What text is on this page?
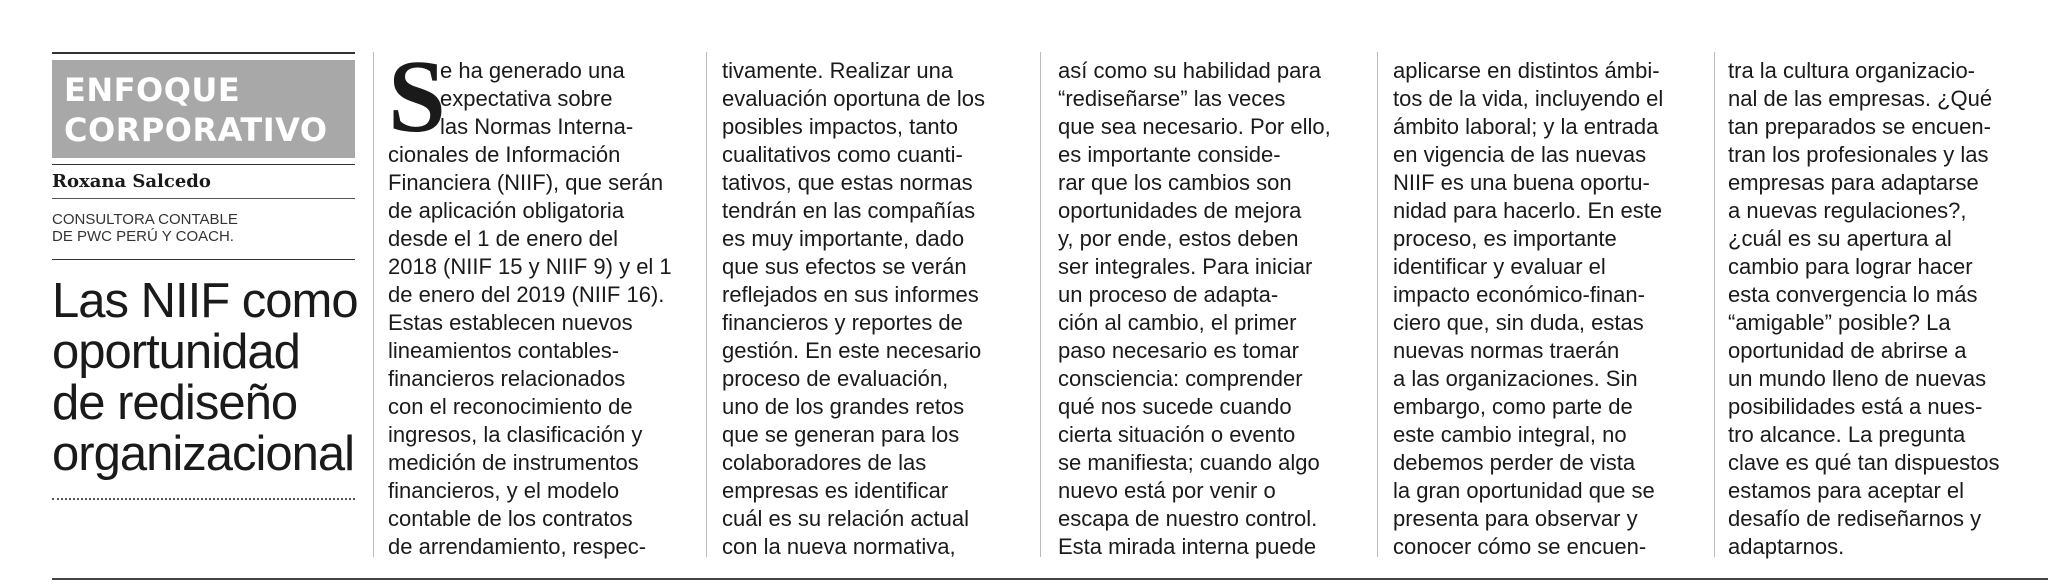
ENFOQUE
CORPORATIVO
Roxana Salcedo
CONSULTORA CONTABLE
DE PWC PERÚ Y COACH.
Las NIIF como
oportunidad
de rediseño
organizacional
S
e ha generado una
expectativa sobre
las Normas Interna-
cionales de Información
Financiera (NIIF), que serán
de aplicación obligatoria
desde el 1 de enero del
2018 (NIIF 15 y NIIF 9) y el 1
de enero del 2019 (NIIF 16).
Estas establecen nuevos
lineamientos contables-
financieros relacionados
con el reconocimiento de
ingresos, la clasificación y
medición de instrumentos
financieros, y el modelo
contable de los contratos
de arrendamiento, respec-
tivamente. Realizar una
evaluación oportuna de los
posibles impactos, tanto
cualitativos como cuanti-
tativos, que estas normas
tendrán en las compañías
es muy importante, dado
que sus efectos se verán
reflejados en sus informes
financieros y reportes de
gestión. En este necesario
proceso de evaluación,
uno de los grandes retos
que se generan para los
colaboradores de las
empresas es identificar
cuál es su relación actual
con la nueva normativa,
así como su habilidad para
“rediseñarse” las veces
que sea necesario. Por ello,
es importante conside-
rar que los cambios son
oportunidades de mejora
y, por ende, estos deben
ser integrales. Para iniciar
un proceso de adapta-
ción al cambio, el primer
paso necesario es tomar
consciencia: comprender
qué nos sucede cuando
cierta situación o evento
se manifiesta; cuando algo
nuevo está por venir o
escapa de nuestro control.
Esta mirada interna puede
aplicarse en distintos ámbi-
tos de la vida, incluyendo el
ámbito laboral; y la entrada
en vigencia de las nuevas
NIIF es una buena oportu-
nidad para hacerlo. En este
proceso, es importante
identificar y evaluar el
impacto económico-finan-
ciero que, sin duda, estas
nuevas normas traerán
a las organizaciones. Sin
embargo, como parte de
este cambio integral, no
debemos perder de vista
la gran oportunidad que se
presenta para observar y
conocer cómo se encuen-
tra la cultura organizacio-
nal de las empresas. ¿Qué
tan preparados se encuen-
tran los profesionales y las
empresas para adaptarse
a nuevas regulaciones?,
¿cuál es su apertura al
cambio para lograr hacer
esta convergencia lo más
“amigable” posible? La
oportunidad de abrirse a
un mundo lleno de nuevas
posibilidades está a nues-
tro alcance. La pregunta
clave es qué tan dispuestos
estamos para aceptar el
desafío de rediseñarnos y
adaptarnos.
